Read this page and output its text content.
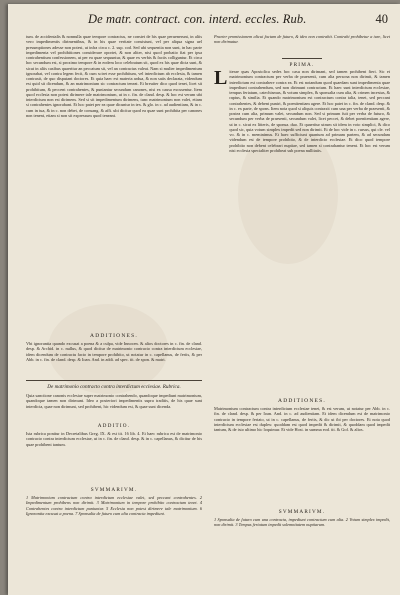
De matr. contract. con. interd. eccles. Rub.	40

tum. de accidentalis & nonnulla quae tempore contractus, ne constet de his quae peruenerunt, in aliis vero impedimentis dirimentibus, & in his quae veritate consistunt, vel per aliqua signa uel presumptiones adesse non potest, ut infra circa c. 2. sup. cod. Sed ubi sequentia non sunt, in hac parte impedimenta vel prohibitiones considerare oportet, & non aliter, nisi quod probatio fiat per ipsa contrahentium confessionem, ut per ea quae sequuntur, & quae ex verbis & factis colliguntur. Et circa hoc secundum est, si proximo tempore & in eodem loco celebratum sit, quod ex his quae dicta sunt, & sicut in aliis casibus quaeritur an peccatum sit, vel an contractus valeat. Nam si mulier impedimentum ignorabat, vel contra legem fecit, & cum sciret esse prohibitum, vel interdictum ab ecclesia, & tamen contraxit, de quo disputant doctores. Et quia haec est materia ardua, & non satis declarata, videndum est quid sit dicendum, & an matrimonium sic contractum teneat. Et breuiter dico quod tenet, licet sit prohibitum, & peccent contrahentes, & puniantur secundum canones, nisi ex causa excusentur. Item quod ecclesia non potest dirimere tale matrimonium, ut in c. fin. de cland. desp. & hoc est verum ubi interdictum non est dirimens. Sed si sit impedimentum dirimens, tunc matrimonium non valet, etiam si contrahentes ignorabant. Et hoc patet per ea quae dicuntur in tex. & glo. in c. ad audientiam, & in c. cum in tua, & in c. non debet, de consang. & affi. ubi dicitur quod ea quae sunt prohibita per canones non tenent, etiam si non sit expressum quod teneant.

ADDITIONES.

Vbi ignorantia quando excusat a poena & a culpa, vide Innocen. & alios doctores in c. fin. de cland. desp. & Archid. in c. nullus, & quod dicitur de matrimonio contracto contra interdictum ecclesiae, idem dicendum de contractu facto in tempore prohibito, ut notatur in c. capellanus, de feriis, & per Abb. in c. fin. de cland. desp. & Ioan. And. in addi. ad spec. tit. de spon. & matri.

De matrimonio contracto contra interdictum ecclesiae. Rubrica.

Quia sanctione canonis ecclesiae super matrimonio contrahendo, quandoque impediunt matrimonium, quandoque tamen non dirimunt. Ideo a posteriori impedimentis supra traditis, de his quae sunt interdicta, quae non dirimunt, sed prohibent, hic videndum est, & quae sunt dicenda.

ADDITIO.

Ista rubrica ponitur in Decretalibus Greg. IX. & est tit. 16 lib. 4. Et haec rubrica est de matrimonio contracto contra interdictum ecclesiae, ut in c. fin. de cland. desp. & in c. capellanus, & dicitur de his quae prohibent tantum.

SVMMARIVM.

1 Matrimonium contractum contra interdictum ecclesiae valet, sed peccant contrahentes. 2 Impedimentum prohibens non dirimit. 3 Matrimonium in tempore prohibito contractum tenet. 4 Contrahentes contra interdictum puniuntur. 5 Ecclesia non potest dirimere tale matrimonium. 6 Ignorantia excusat a poena. 7 Sponsalia de futuro cum alia contracta impediunt.

Praeter promissionem alicui factam de futuro, & ideo non contrahit. Contrahi prohibetur a iure, licet non dirimatur.

PRIMA.
L iterae quas Apostolica sedes hoc casu non dirimant, sed tamen prohibent fieri. Sic et matrimonium contractum per verba de praesenti, cum alia persona non dirimit, & tamen interdictum est contrahere contra ea. Et est notandum quod quaedam sunt impedimenta quae impediunt contrahendum, sed non dirimunt contractum. Et haec sunt interdictum ecclesiae, tempus feriatum, catechismus, & votum simplex, & sponsalia cum alia, & crimen incestus, & raptus, & similia. Et quando matrimonium est contractum contra talia, tenet, sed peccant contrahentes, & debent puniri, & poenitentiam agere. Et hoc patet in c. fin. de cland. desp. & in c. ex parte, de spons. Item nota quod si aliquis contraxit cum una per verba de praesenti, & postea cum alia, primum valet, secundum non. Sed si primum fuit per verba de futuro, & secundum per verba de praesenti, secundum valet, licet peccet, & debet poenitentiam agere, ut in c. sicut ex litteris, de sponsa. duo. Et quaeritur utrum sit idem in voto simplici, & dico quod sic, quia votum simplex impedit sed non dirimit. Et de hoc vide in c. rursus, qui cle. vel vo. & in c. meminimus. Et haec sufficiunt quantum ad primam partem, & ad secundam videndum est de tempore prohibito, & de interdicto ecclesiae. Et dico quod tempore prohibito non debent celebrari nuptiae, sed tamen si contrahantur tenent. Et hoc est verum nisi ecclesia specialiter prohibeat sub poena nullitatis.

ADDITIONES.

Matrimonium contractum contra interdictum ecclesiae tenet, & est verum, ut notatur per Abb. in c. fin. de cland. desp. & per Ioan. And. in c. ad audientiam. Et idem dicendum est de matrimonio contracto in tempore feriato, ut in c. capellanus, de feriis, & dic ut ibi per doctores. Et nota quod interdictum ecclesiae est duplex: quoddam est quod impedit & dirimit, & quoddam quod impedit tantum, & de isto ultimo hic loquimur. Et vide Host. in summa eod. tit. & Gof. & alios.

SVMMARIVM.

1 Sponsalia de futuro cum una contracta, impediunt contractum cum alia. 2 Votum simplex impedit, non dirimit. 3 Tempus feriatum impedit solemnitatem nuptiarum.
